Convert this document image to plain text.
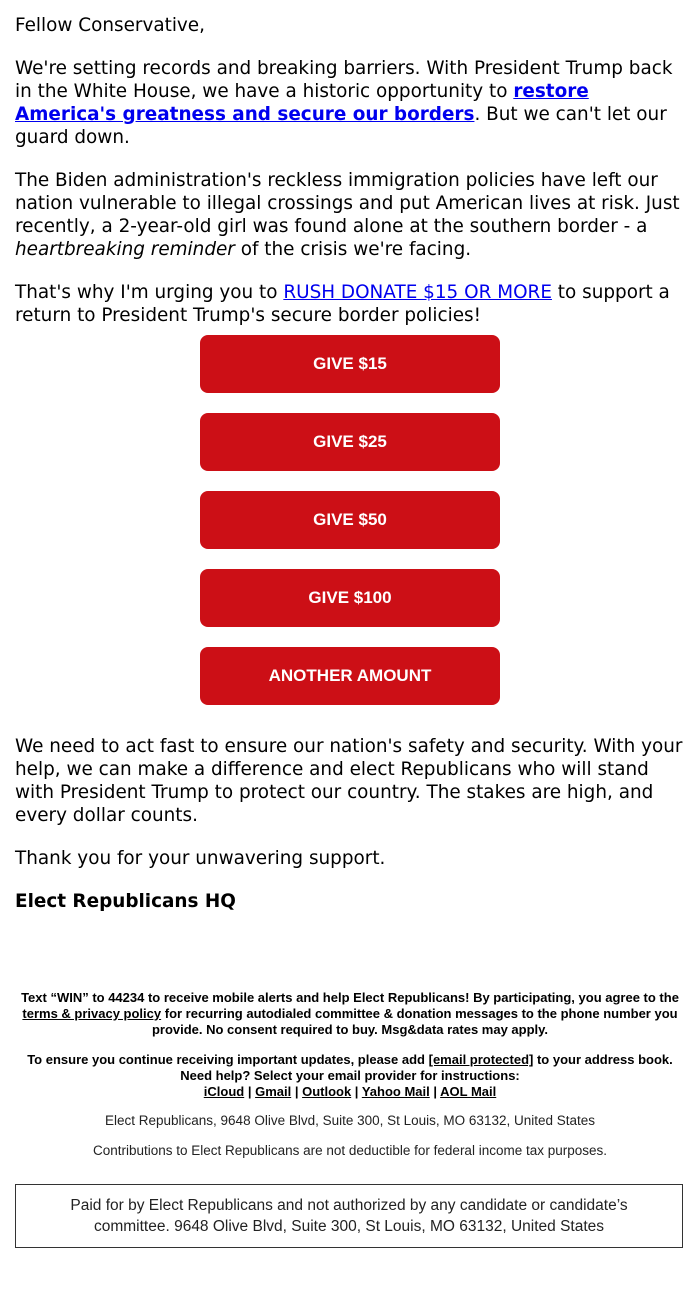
Fellow Conservative,

We're setting records and breaking barriers. With President Trump back in the White House, we have a historic opportunity to restore America's greatness and secure our borders. But we can't let our guard down.

The Biden administration's reckless immigration policies have left our nation vulnerable to illegal crossings and put American lives at risk. Just recently, a 2-year-old girl was found alone at the southern border - a heartbreaking reminder of the crisis we're facing.

That's why I'm urging you to RUSH DONATE $15 OR MORE to support a return to President Trump's secure border policies!

GIVE $15
GIVE $25
GIVE $50
GIVE $100
ANOTHER AMOUNT

We need to act fast to ensure our nation's safety and security. With your help, we can make a difference and elect Republicans who will stand with President Trump to protect our country. The stakes are high, and every dollar counts.

Thank you for your unwavering support.

Elect Republicans HQ

Text “WIN” to 44234 to receive mobile alerts and help Elect Republicans! By participating, you agree to the terms & privacy policy for recurring autodialed committee & donation messages to the phone number you provide. No consent required to buy. Msg&data rates may apply.

To ensure you continue receiving important updates, please add [email protected] to your address book. Need help? Select your email provider for instructions:
iCloud | Gmail | Outlook | Yahoo Mail | AOL Mail

Elect Republicans, 9648 Olive Blvd, Suite 300, St Louis, MO 63132, United States

Contributions to Elect Republicans are not deductible for federal income tax purposes.

Paid for by Elect Republicans and not authorized by any candidate or candidate’s committee. 9648 Olive Blvd, Suite 300, St Louis, MO 63132, United States
